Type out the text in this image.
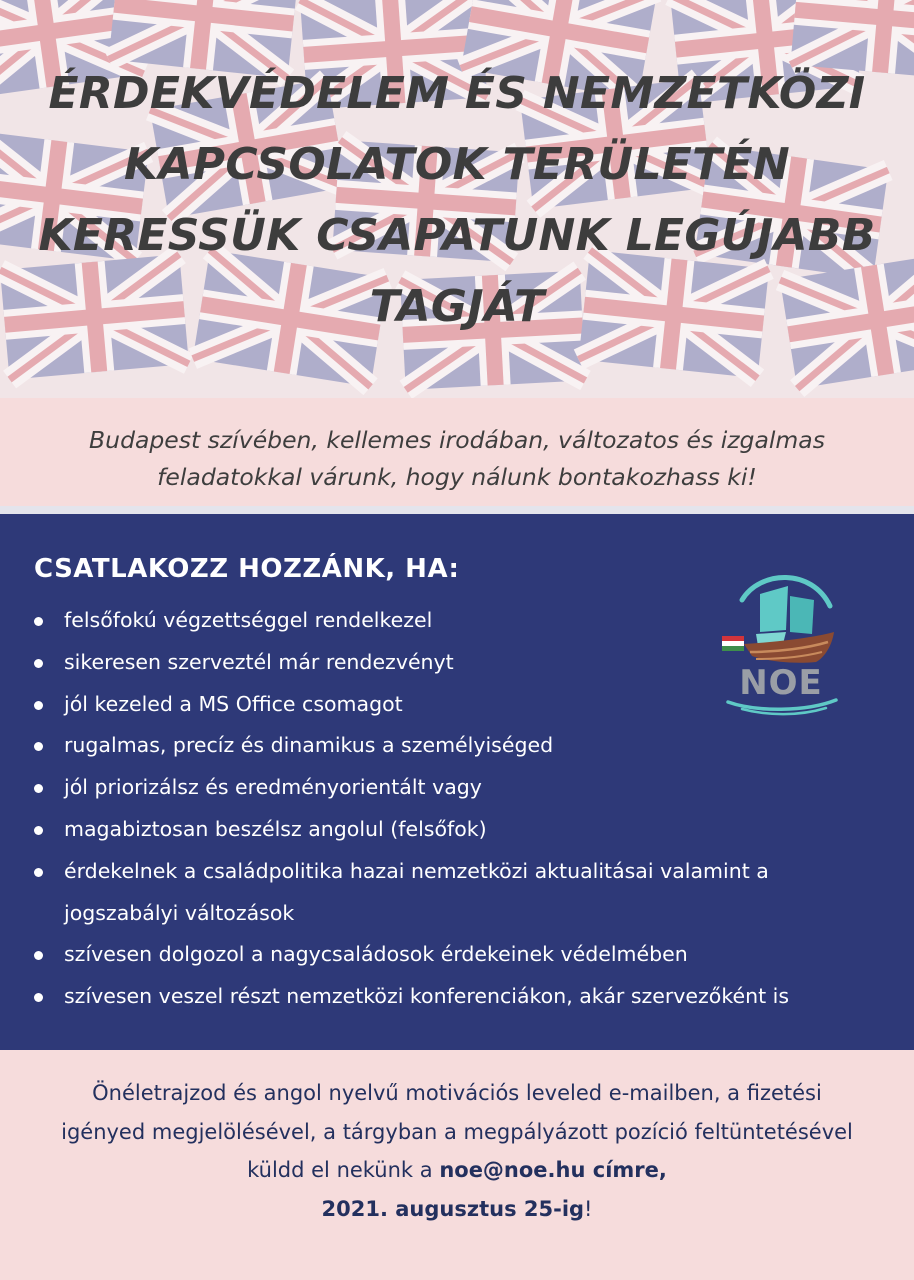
ÉRDEKVÉDELEM ÉS NEMZETKÖZI
KAPCSOLATOK TERÜLETÉN
KERESSÜK CSAPATUNK LEGÚJABB
TAGJÁT

Budapest szívében, kellemes irodában, változatos és izgalmas
feladatokkal várunk, hogy nálunk bontakozhass ki!

CSATLAKOZZ HOZZÁNK, HA:
felsőfokú végzettséggel rendelkezel
sikeresen szerveztél már rendezvényt
jól kezeled a MS Office csomagot
rugalmas, precíz és dinamikus a személyiséged
jól priorizálsz és eredményorientált vagy
magabiztosan beszélsz angolul (felsőfok)
érdekelnek a családpolitika hazai nemzetközi aktualitásai valamint a
jogszabályi változások
szívesen dolgozol a nagycsaládosok érdekeinek védelmében
szívesen veszel részt nemzetközi konferenciákon, akár szervezőként is
NOE

Önéletrajzod és angol nyelvű motivációs leveled e-mailben, a fizetési
igényed megjelölésével, a tárgyban a megpályázott pozíció feltüntetésével
küldd el nekünk a noe@noe.hu címre,
2021. augusztus 25-ig!
